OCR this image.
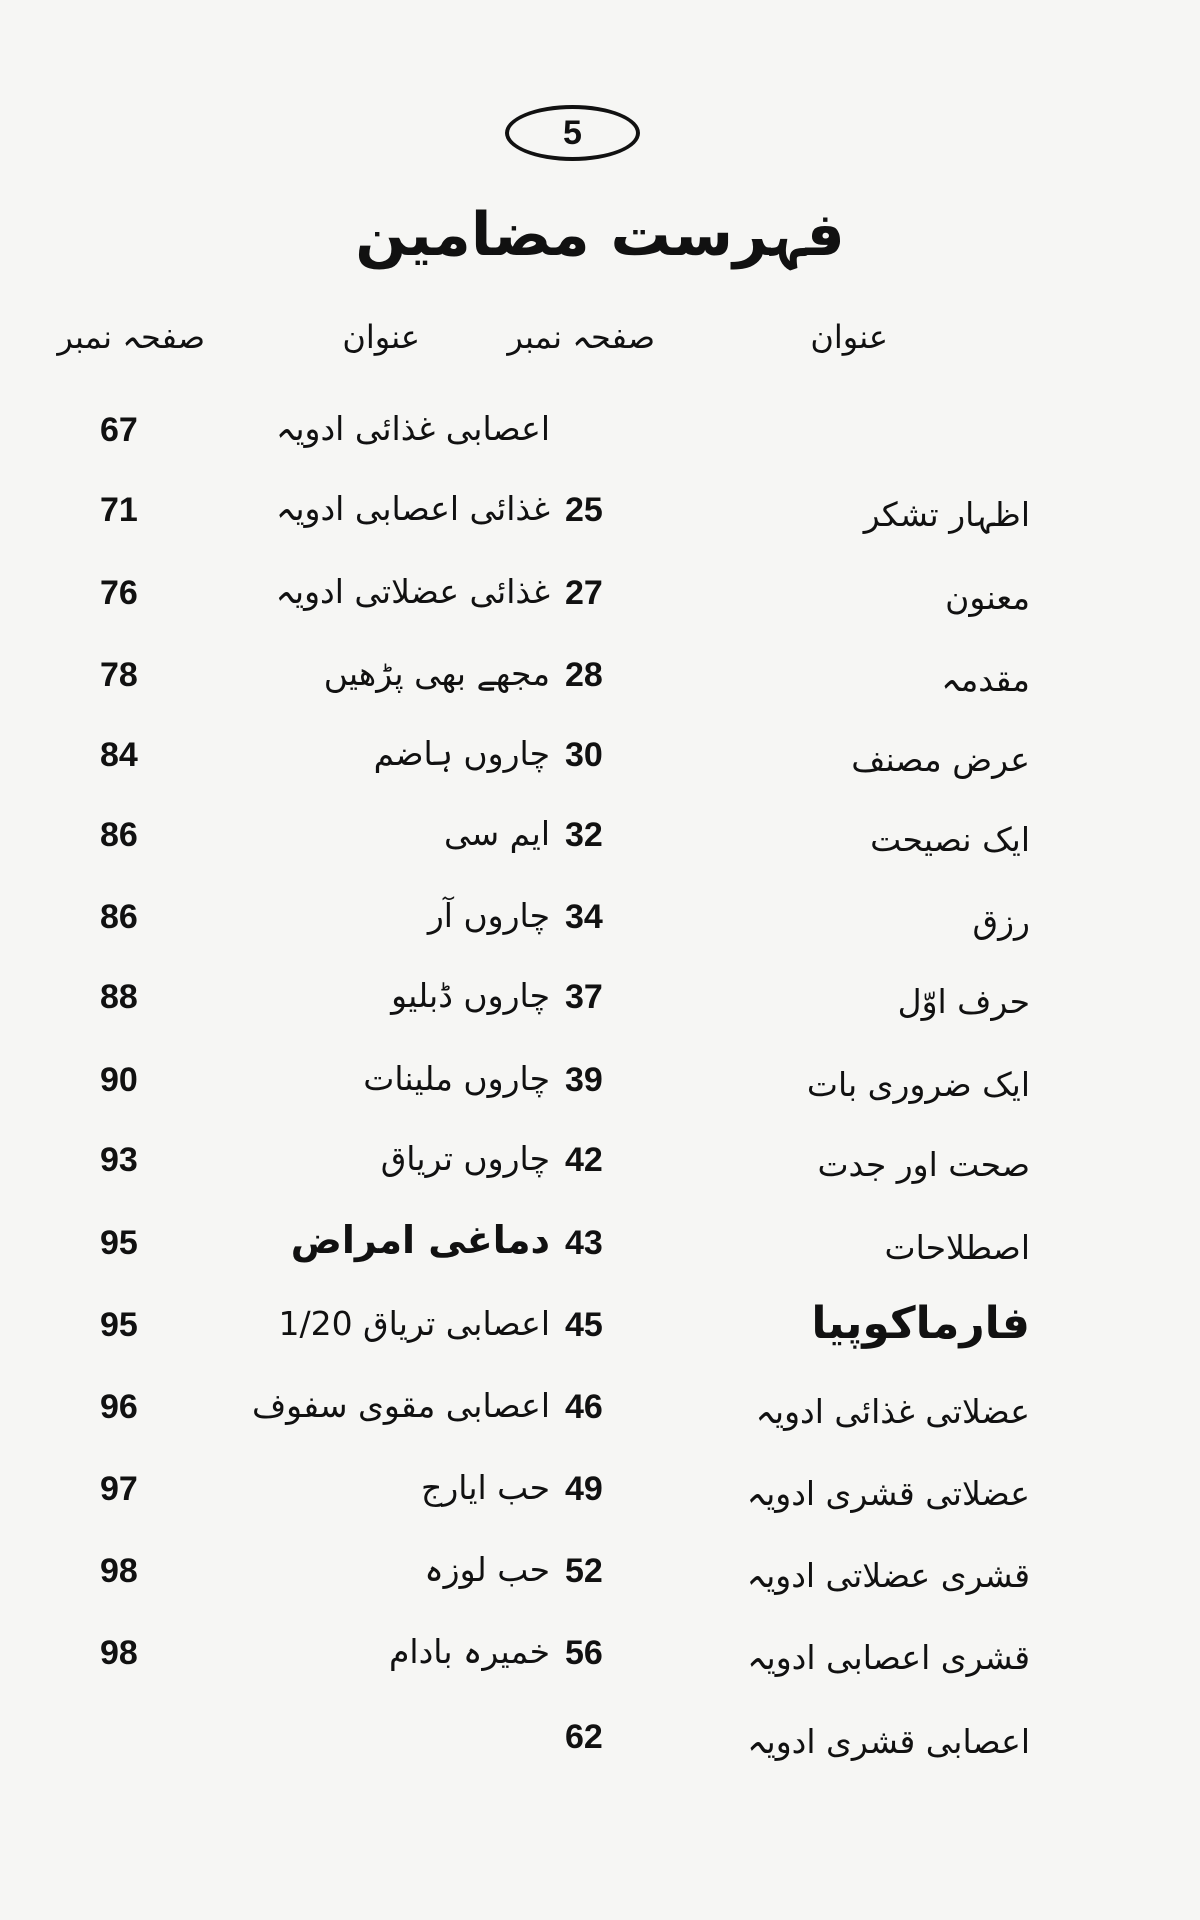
5
فہرست مضامین
عنوان
صفحہ نمبر
عنوان
صفحہ نمبر
اعصابی غذائی ادویہ
67
اظہار تشکر
25
غذائی اعصابی ادویہ
71
معنون
27
غذائی عضلاتی ادویہ
76
مقدمہ
28
مجھے بھی پڑھیں
78
عرض مصنف
30
چاروں ہاضم
84
ایک نصیحت
32
ایم سی
86
رزق
34
چاروں آر
86
حرف اوّل
37
چاروں ڈبلیو
88
ایک ضروری بات
39
چاروں ملینات
90
صحت اور جدت
42
چاروں تریاق
93
اصطلاحات
43
دماغی امراض
95
فارماکوپیا
45
اعصابی تریاق 1/20
95
عضلاتی غذائی ادویہ
46
اعصابی مقوی سفوف
96
عضلاتی قشری ادویہ
49
حب ایارج
97
قشری عضلاتی ادویہ
52
حب لوزہ
98
قشری اعصابی ادویہ
56
خمیرہ بادام
98
اعصابی قشری ادویہ
62
